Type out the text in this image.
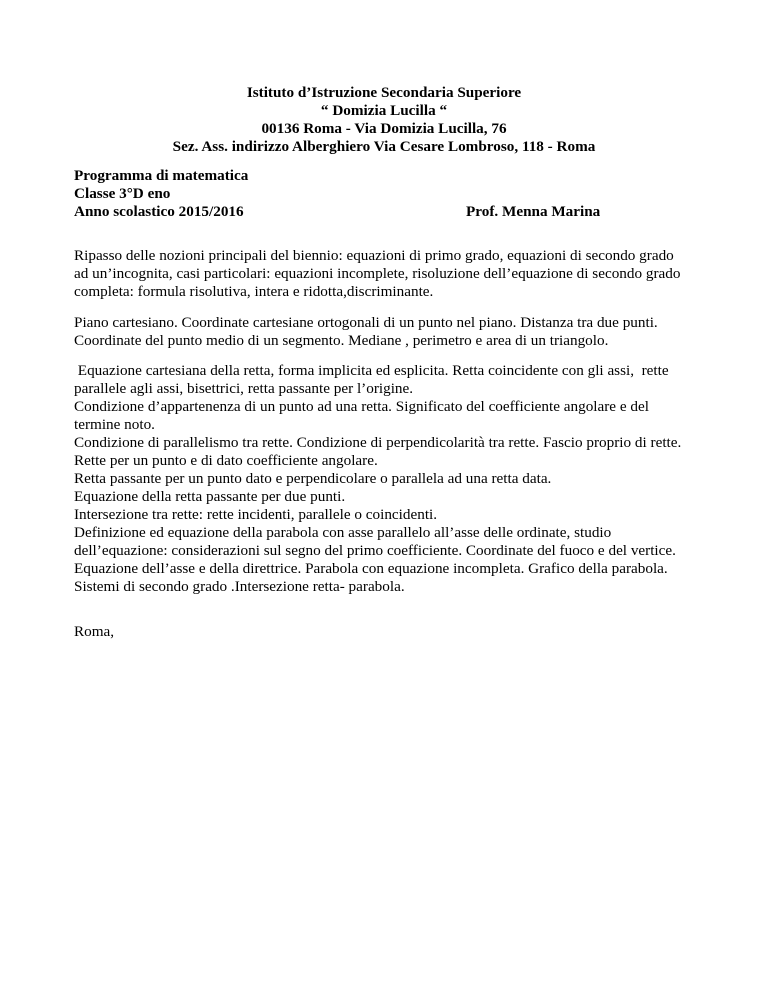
Istituto d’Istruzione Secondaria Superiore
“ Domizia Lucilla “
00136 Roma - Via Domizia Lucilla, 76
Sez. Ass. indirizzo Alberghiero Via Cesare Lombroso, 118 - Roma
Programma di matematica
Classe 3°D eno
Anno scolastico 2015/2016	Prof. Menna Marina
Ripasso delle nozioni principali del biennio: equazioni di primo grado, equazioni di secondo grado
ad un’incognita, casi particolari: equazioni incomplete, risoluzione dell’equazione di secondo grado
completa: formula risolutiva, intera e ridotta,discriminante.
Piano cartesiano. Coordinate cartesiane ortogonali di un punto nel piano. Distanza tra due punti.
Coordinate del punto medio di un segmento. Mediane , perimetro e area di un triangolo.
Equazione cartesiana della retta, forma implicita ed esplicita. Retta coincidente con gli assi,  rette
parallele agli assi, bisettrici, retta passante per l’origine.
Condizione d’appartenenza di un punto ad una retta. Significato del coefficiente angolare e del
termine noto.
Condizione di parallelismo tra rette. Condizione di perpendicolarità tra rette. Fascio proprio di rette.
Rette per un punto e di dato coefficiente angolare.
Retta passante per un punto dato e perpendicolare o parallela ad una retta data.
Equazione della retta passante per due punti.
Intersezione tra rette: rette incidenti, parallele o coincidenti.
Definizione ed equazione della parabola con asse parallelo all’asse delle ordinate, studio
dell’equazione: considerazioni sul segno del primo coefficiente. Coordinate del fuoco e del vertice.
Equazione dell’asse e della direttrice. Parabola con equazione incompleta. Grafico della parabola.
Sistemi di secondo grado .Intersezione retta- parabola.
Roma,
